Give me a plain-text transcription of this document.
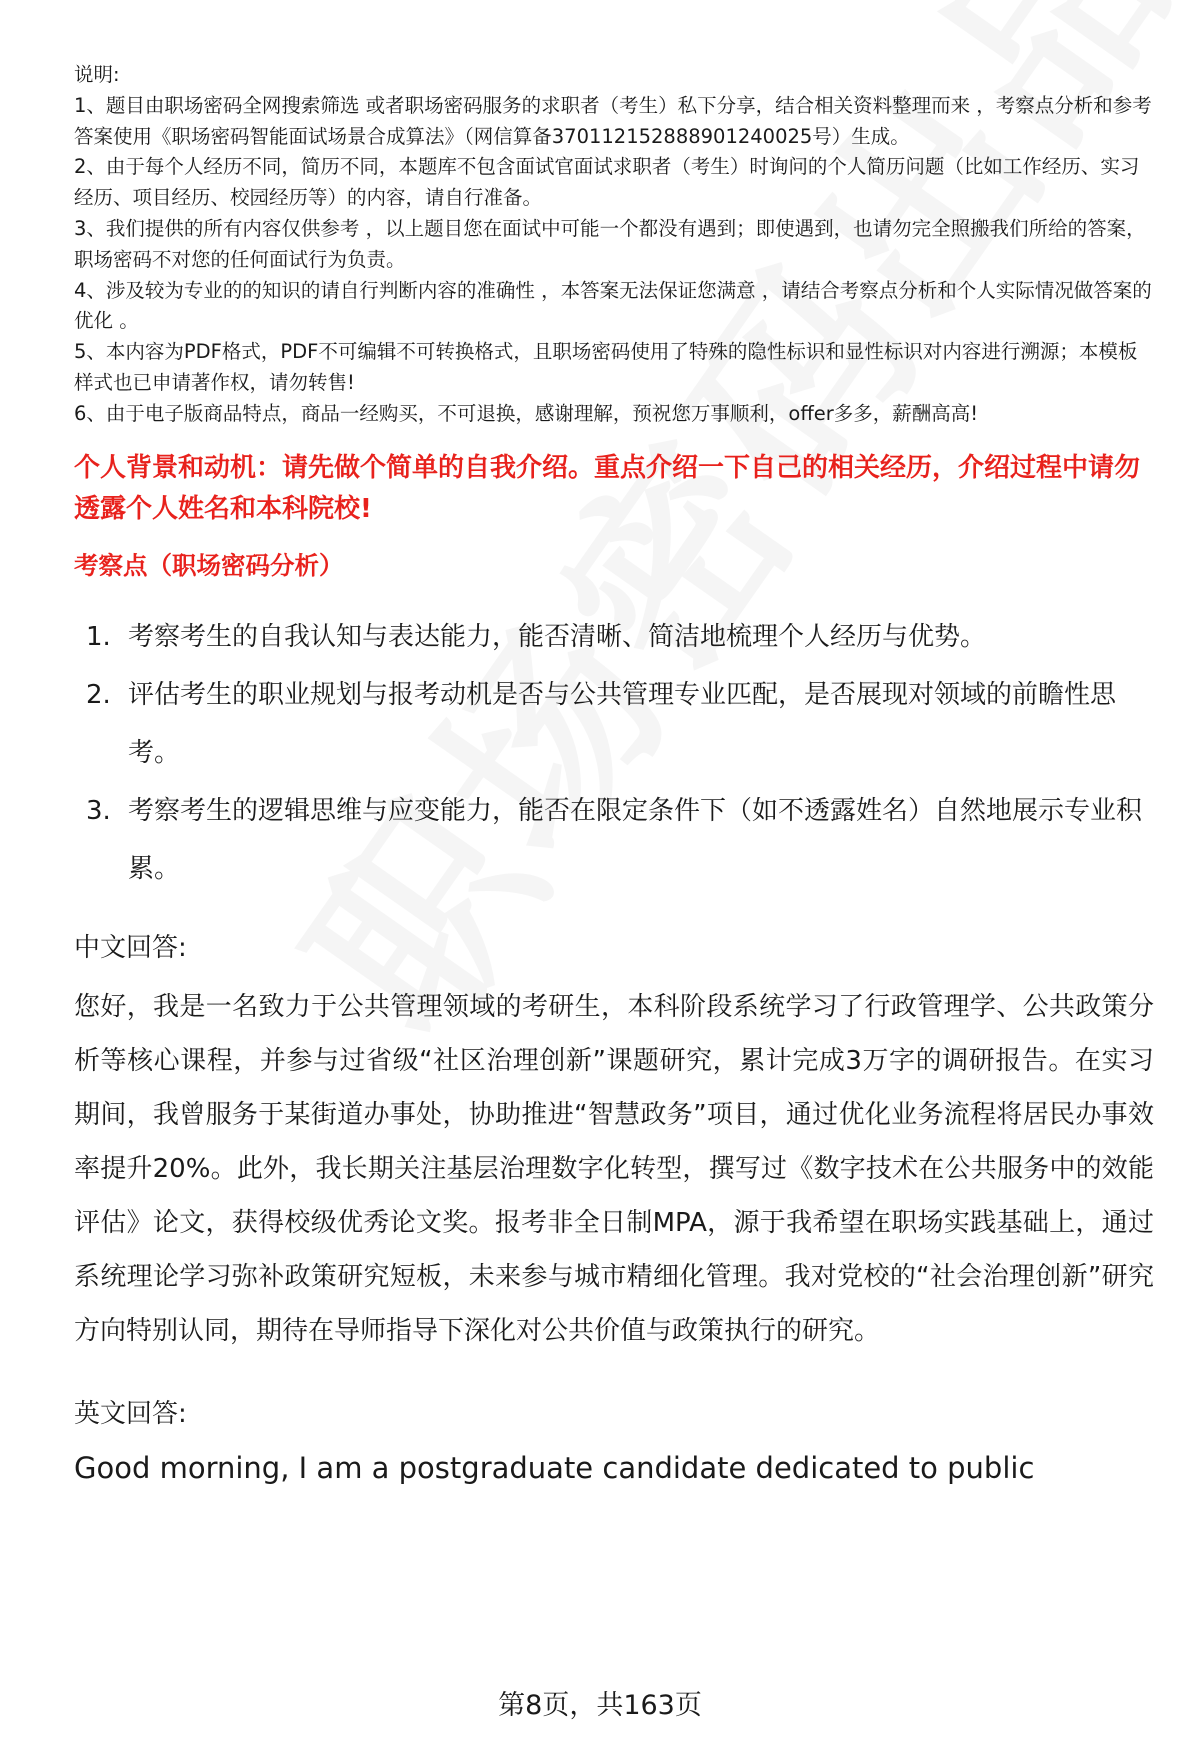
说明:

1、题目由职场密码全网搜索筛选 或者职场密码服务的求职者（考生）私下分享，结合相关资料整理而来 ，考察点分析和参考答案使用《职场密码智能面试场景合成算法》（网信算备370112152888901240025号）生成。

2、由于每个人经历不同，简历不同，本题库不包含面试官面试求职者（考生）时询问的个人简历问题（比如工作经历、实习经历、项目经历、校园经历等）的内容，请自行准备。

3、我们提供的所有内容仅供参考 ，以上题目您在面试中可能一个都没有遇到；即使遇到，也请勿完全照搬我们所给的答案，职场密码不对您的任何面试行为负责。

4、涉及较为专业的的知识的请自行判断内容的准确性 ，本答案无法保证您满意 ，请结合考察点分析和个人实际情况做答案的优化 。

5、本内容为PDF格式，PDF不可编辑不可转换格式，且职场密码使用了特殊的隐性标识和显性标识对内容进行溯源；本模板样式也已申请著作权，请勿转售!

6、由于电子版商品特点，商品一经购买，不可退换，感谢理解，预祝您万事顺利，offer多多，薪酬高高!

个人背景和动机：请先做个简单的自我介绍。重点介绍一下自己的相关经历，介绍过程中请勿透露个人姓名和本科院校!
考察点（职场密码分析）
1. 考察考生的自我认知与表达能力，能否清晰、简洁地梳理个人经历与优势。
2. 评估考生的职业规划与报考动机是否与公共管理专业匹配，是否展现对领域的前瞻性思考。
3. 考察考生的逻辑思维与应变能力，能否在限定条件下（如不透露姓名）自然地展示专业积累。
中文回答:
您好，我是一名致力于公共管理领域的考研生，本科阶段系统学习了行政管理学、公共政策分析等核心课程，并参与过省级“社区治理创新”课题研究，累计完成3万字的调研报告。在实习期间，我曾服务于某街道办事处，协助推进“智慧政务”项目，通过优化业务流程将居民办事效率提升20%。此外，我长期关注基层治理数字化转型，撰写过《数字技术在公共服务中的效能评估》论文，获得校级优秀论文奖。报考非全日制MPA，源于我希望在职场实践基础上，通过系统理论学习弥补政策研究短板，未来参与城市精细化管理。我对党校的“社会治理创新”研究方向特别认同，期待在导师指导下深化对公共价值与政策执行的研究。
英文回答:
Good morning, I am a postgraduate candidate dedicated to public
第8页，共163页
